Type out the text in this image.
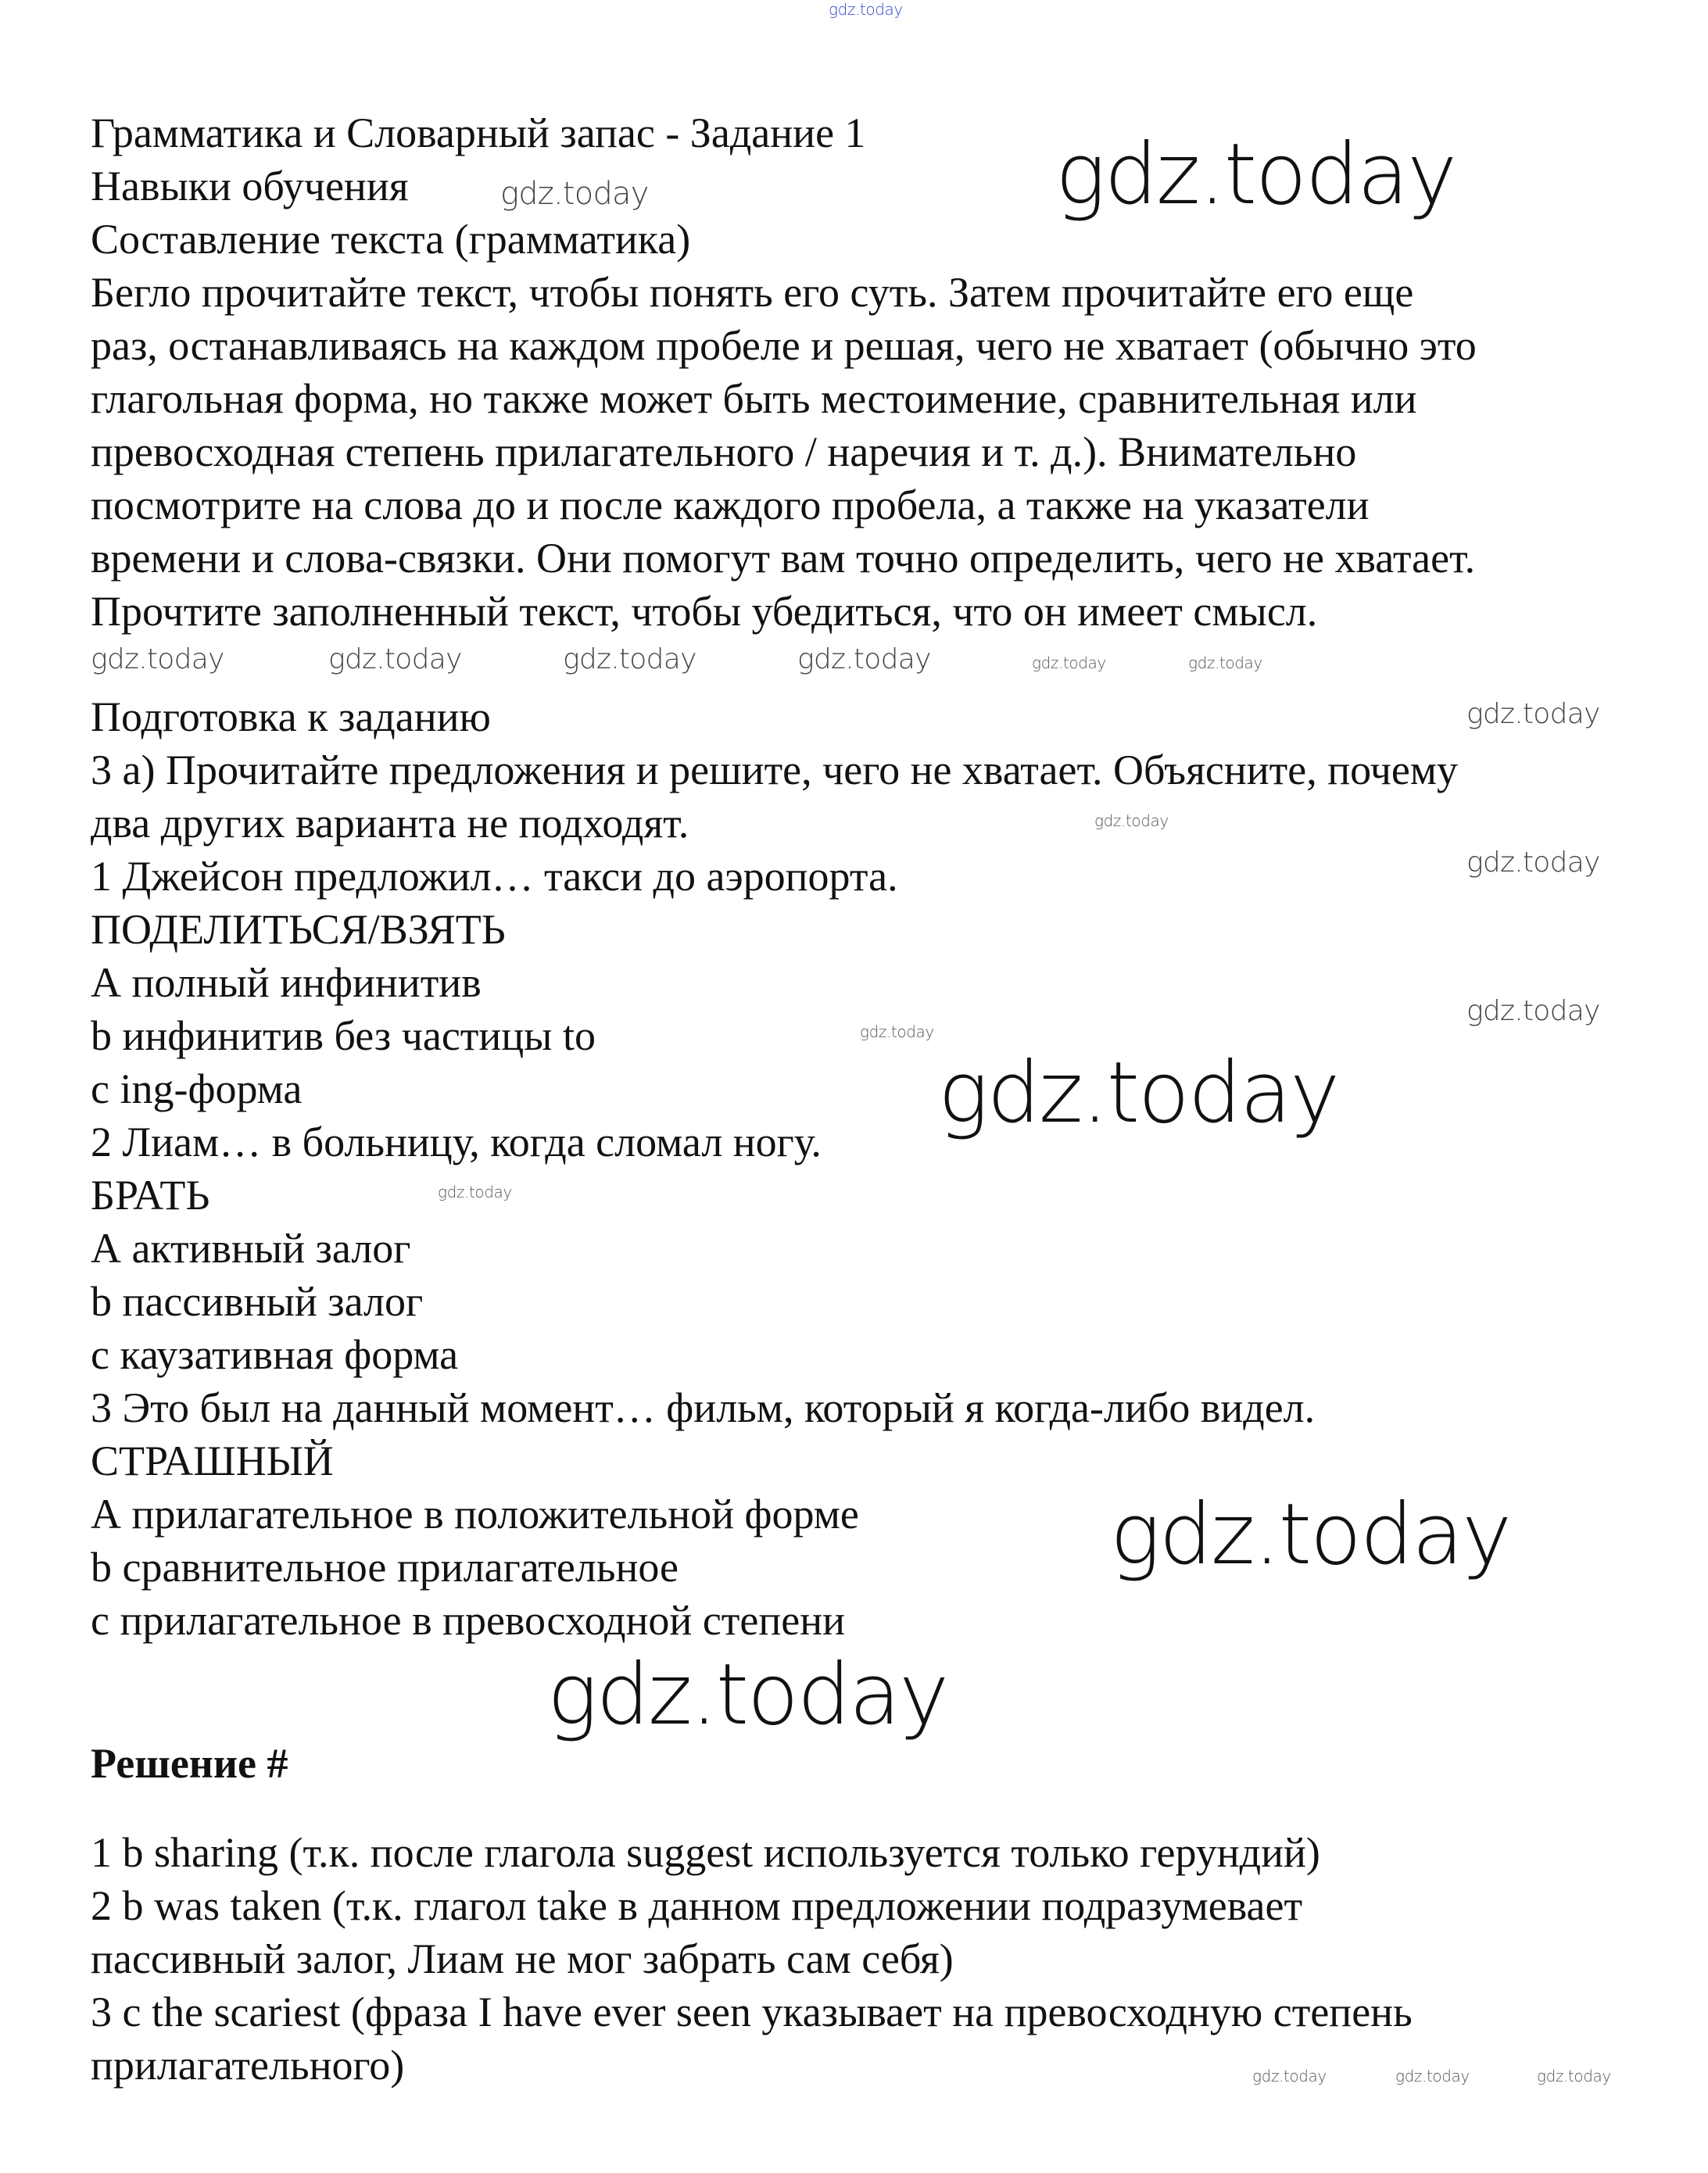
Грамматика и Словарный запас - Задание 1
Навыки обучения
Составление текста (грамматика)
Бегло прочитайте текст, чтобы понять его суть. Затем прочитайте его еще
раз, останавливаясь на каждом пробеле и решая, чего не хватает (обычно это
глагольная форма, но также может быть местоимение, сравнительная или
превосходная степень прилагательного / наречия и т. д.). Внимательно
посмотрите на слова до и после каждого пробела, а также на указатели
времени и слова-связки. Они помогут вам точно определить, чего не хватает.
Прочтите заполненный текст, чтобы убедиться, что он имеет смысл.
Подготовка к заданию
3 а) Прочитайте предложения и решите, чего не хватает. Объясните, почему
два других варианта не подходят.
1 Джейсон предложил… такси до аэропорта.
ПОДЕЛИТЬСЯ/ВЗЯТЬ
А полный инфинитив
b инфинитив без частицы to
c ing-форма
2 Лиам… в больницу, когда сломал ногу.
БРАТЬ
А активный залог
b пассивный залог
c каузативная форма
3 Это был на данный момент… фильм, который я когда-либо видел.
СТРАШНЫЙ
А прилагательное в положительной форме
b сравнительное прилагательное
c прилагательное в превосходной степени
Решение #
1 b sharing (т.к. после глагола suggest используется только герундий)
2 b was taken (т.к. глагол take в данном предложении подразумевает
пассивный залог, Лиам не мог забрать сам себя)
3 c the scariest (фраза I have ever seen указывает на превосходную степень
прилагательного)
gdz.today
gdz.today
gdz.today
gdz.today
gdz.today
gdz.today
gdz.today	gdz.today	gdz.today	gdz.today	gdz.today	gdz.today
gdz.today
gdz.today
gdz.today
gdz.today
gdz.today
gdz.today
gdz.today	gdz.today	gdz.today
